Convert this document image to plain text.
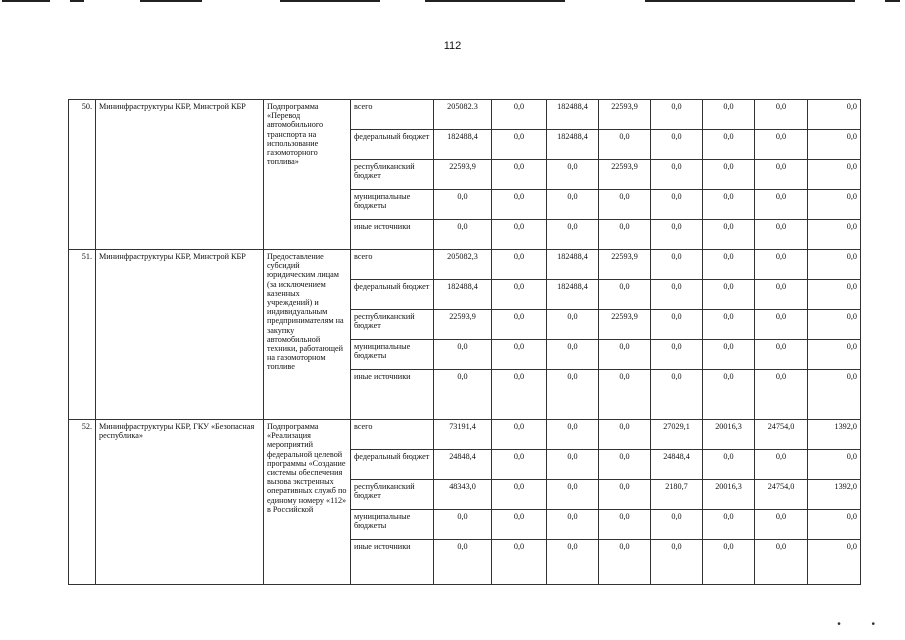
112
50.	Мининфраструктуры КБР, Минстрой КБР	Подпрограмма «Перевод автомобильного транспорта на использование газомоторного топлива»	всего	205082.3	0,0	182488,4	22593,9	0,0	0,0	0,0	0,0
			федеральный бюджет	182488,4	0,0	182488,4	0,0	0,0	0,0	0,0	0,0
			республиканский бюджет	22593,9	0,0	0,0	22593,9	0,0	0,0	0,0	0,0
			муниципальные бюджеты	0,0	0,0	0,0	0,0	0,0	0,0	0,0	0,0
			иные источники	0,0	0,0	0,0	0,0	0,0	0,0	0,0	0,0
51.	Мининфраструктуры КБР, Минстрой КБР	Предоставление субсидий юридическим лицам (за исключением казенных учреждений) и индивидуальным предпринимателям на закупку автомобильной техники, работающей на газомоторном топливе	всего	205082,3	0,0	182488,4	22593,9	0,0	0,0	0,0	0,0
			федеральный бюджет	182488,4	0,0	182488,4	0,0	0,0	0,0	0,0	0,0
			республиканский бюджет	22593,9	0,0	0,0	22593,9	0,0	0,0	0,0	0,0
			муниципальные бюджеты	0,0	0,0	0,0	0,0	0,0	0,0	0,0	0,0
			иные источники	0,0	0,0	0,0	0,0	0,0	0,0	0,0	0,0
52.	Мининфраструктуры КБР, ГКУ «Безопасная республика»	Подпрограмма «Реализация мероприятий федеральной целевой программы «Создание системы обеспечения вызова экстренных оперативных служб по единому номеру «112» в Российской	всего	73191,4	0,0	0,0	0,0	27029,1	20016,3	24754,0	1392,0
			федеральный бюджет	24848,4	0,0	0,0	0,0	24848,4	0,0	0,0	0,0
			республиканский бюджет	48343,0	0,0	0,0	0,0	2180,7	20016,3	24754,0	1392,0
			муниципальные бюджеты	0,0	0,0	0,0	0,0	0,0	0,0	0,0	0,0
			иные источники	0,0	0,0	0,0	0,0	0,0	0,0	0,0	0,0
• •
